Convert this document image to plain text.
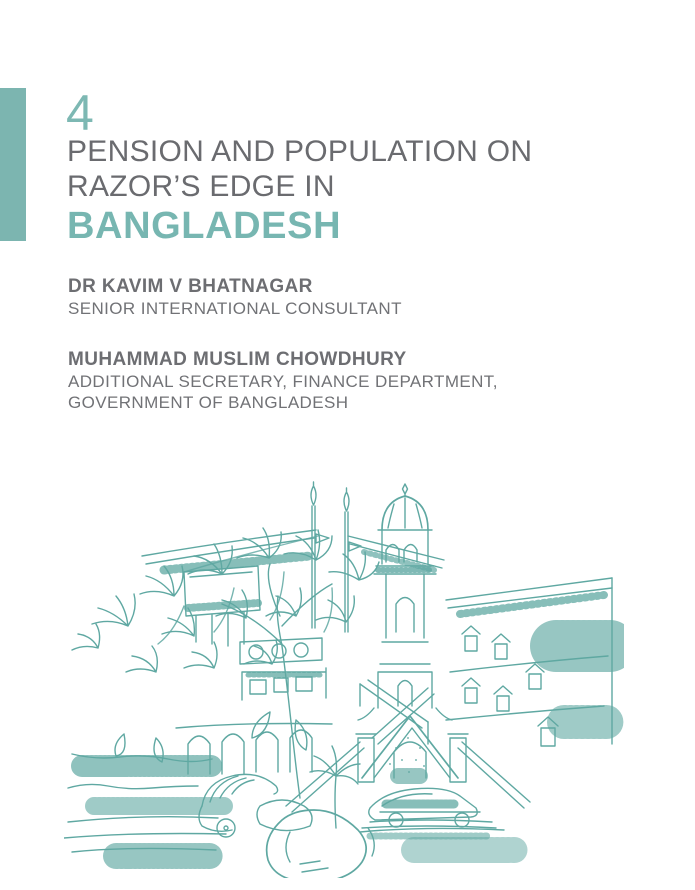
4
PENSION AND POPULATION ON
RAZOR’S EDGE IN
BANGLADESH
DR KAVIM V BHATNAGAR
SENIOR INTERNATIONAL CONSULTANT
MUHAMMAD MUSLIM CHOWDHURY
ADDITIONAL SECRETARY, FINANCE DEPARTMENT,
GOVERNMENT OF BANGLADESH
